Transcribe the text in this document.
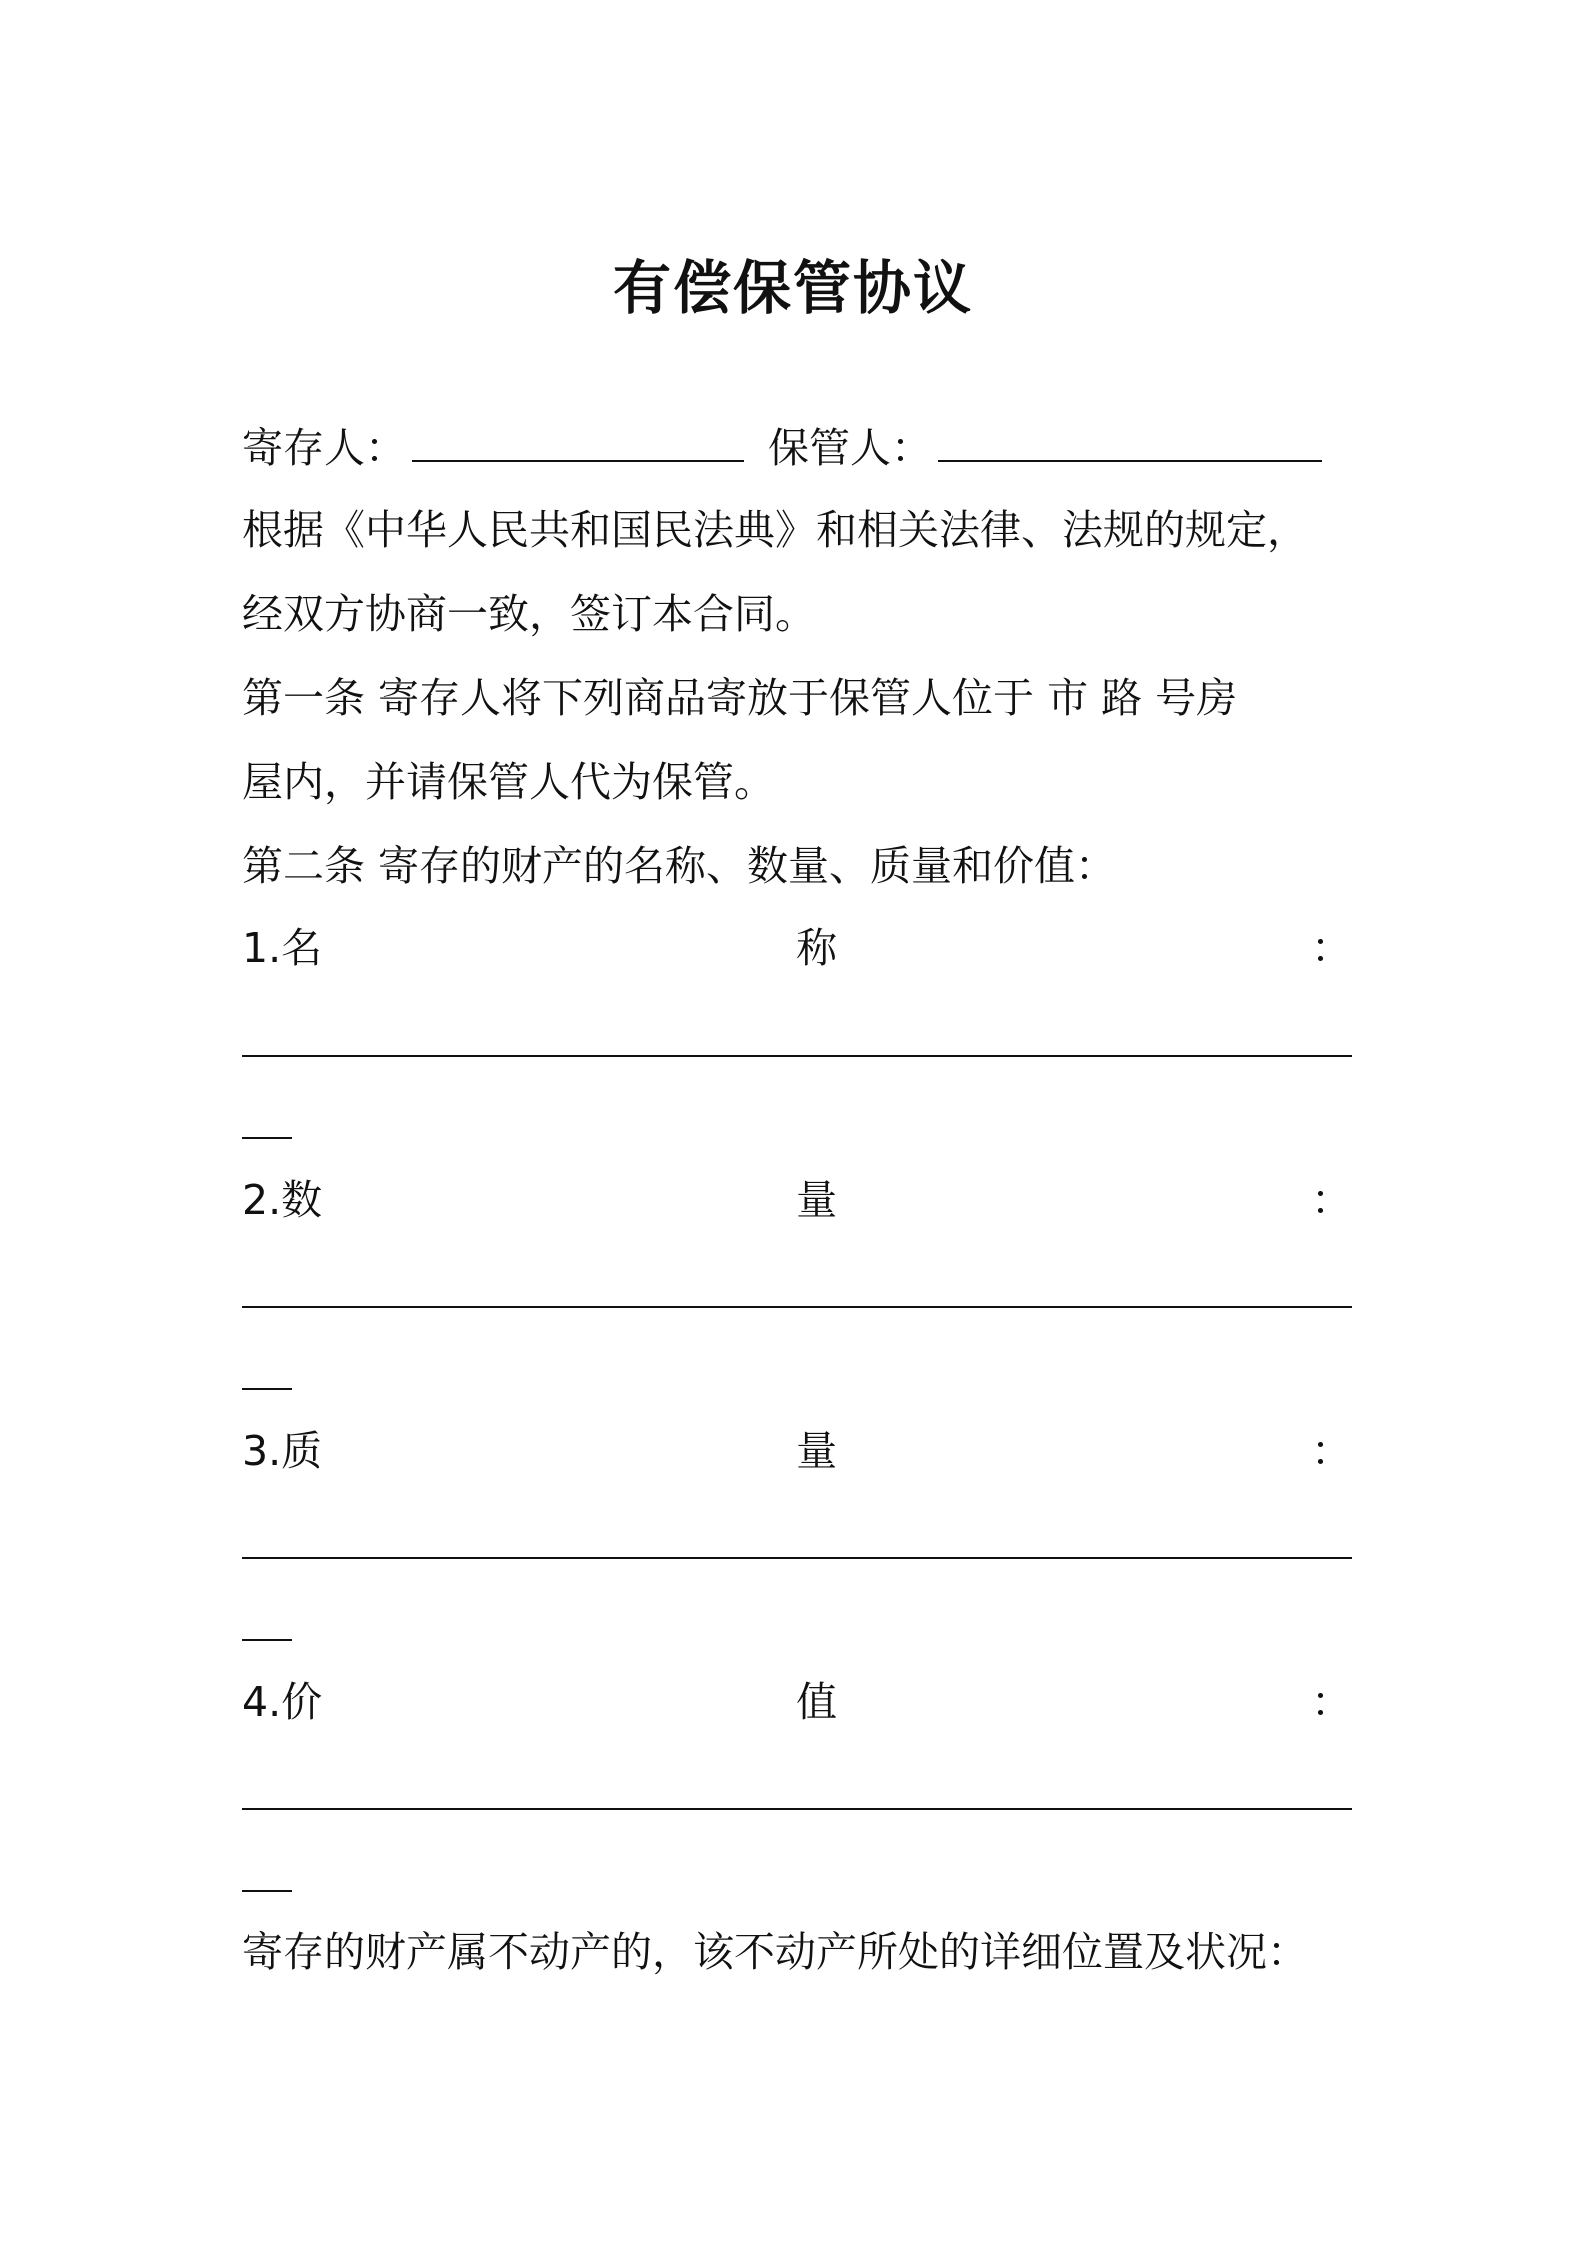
有偿保管协议
寄存人：	保管人：
根据《中华人民共和国民法典》和相关法律、法规的规定，
经双方协商一致，签订本合同。
第一条 寄存人将下列商品寄放于保管人位于 市 路 号房
屋内，并请保管人代为保管。
第二条 寄存的财产的名称、数量、质量和价值：
1.名	称	：
2.数	量	：
3.质	量	：
4.价	值	：
寄存的财产属不动产的，该不动产所处的详细位置及状况：
